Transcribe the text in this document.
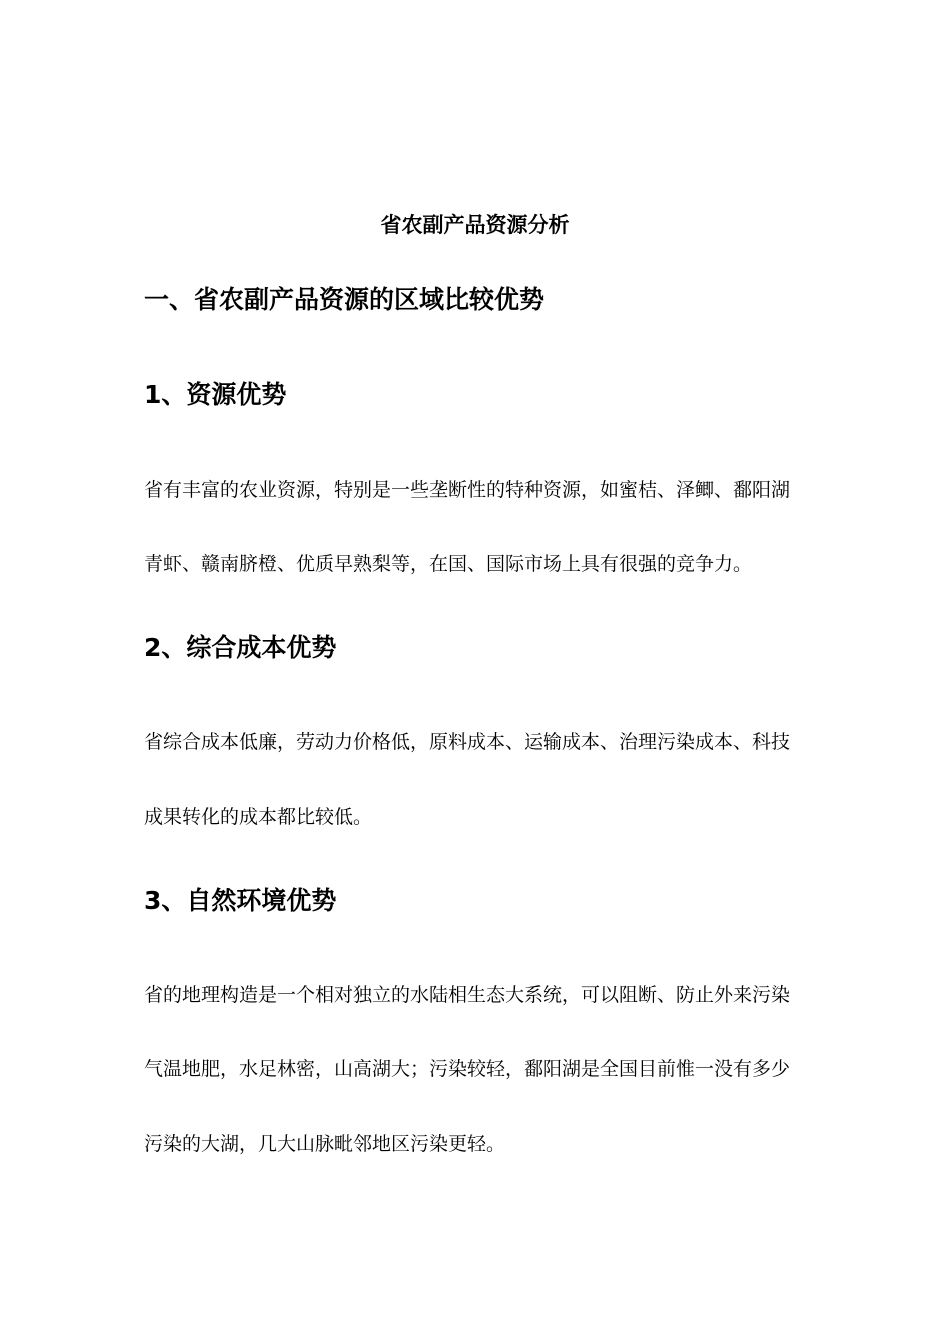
省农副产品资源分析
一、省农副产品资源的区域比较优势
1、资源优势

省有丰富的农业资源，特别是一些垄断性的特种资源，如蜜桔、泽鲫、鄱阳湖

青虾、赣南脐橙、优质早熟梨等，在国、国际市场上具有很强的竞争力。

2、综合成本优势

省综合成本低廉，劳动力价格低，原料成本、运输成本、治理污染成本、科技

成果转化的成本都比较低。

3、自然环境优势

省的地理构造是一个相对独立的水陆相生态大系统，可以阻断、防止外来污染

气温地肥，水足林密，山高湖大；污染较轻，鄱阳湖是全国目前惟一没有多少

污染的大湖，几大山脉毗邻地区污染更轻。
